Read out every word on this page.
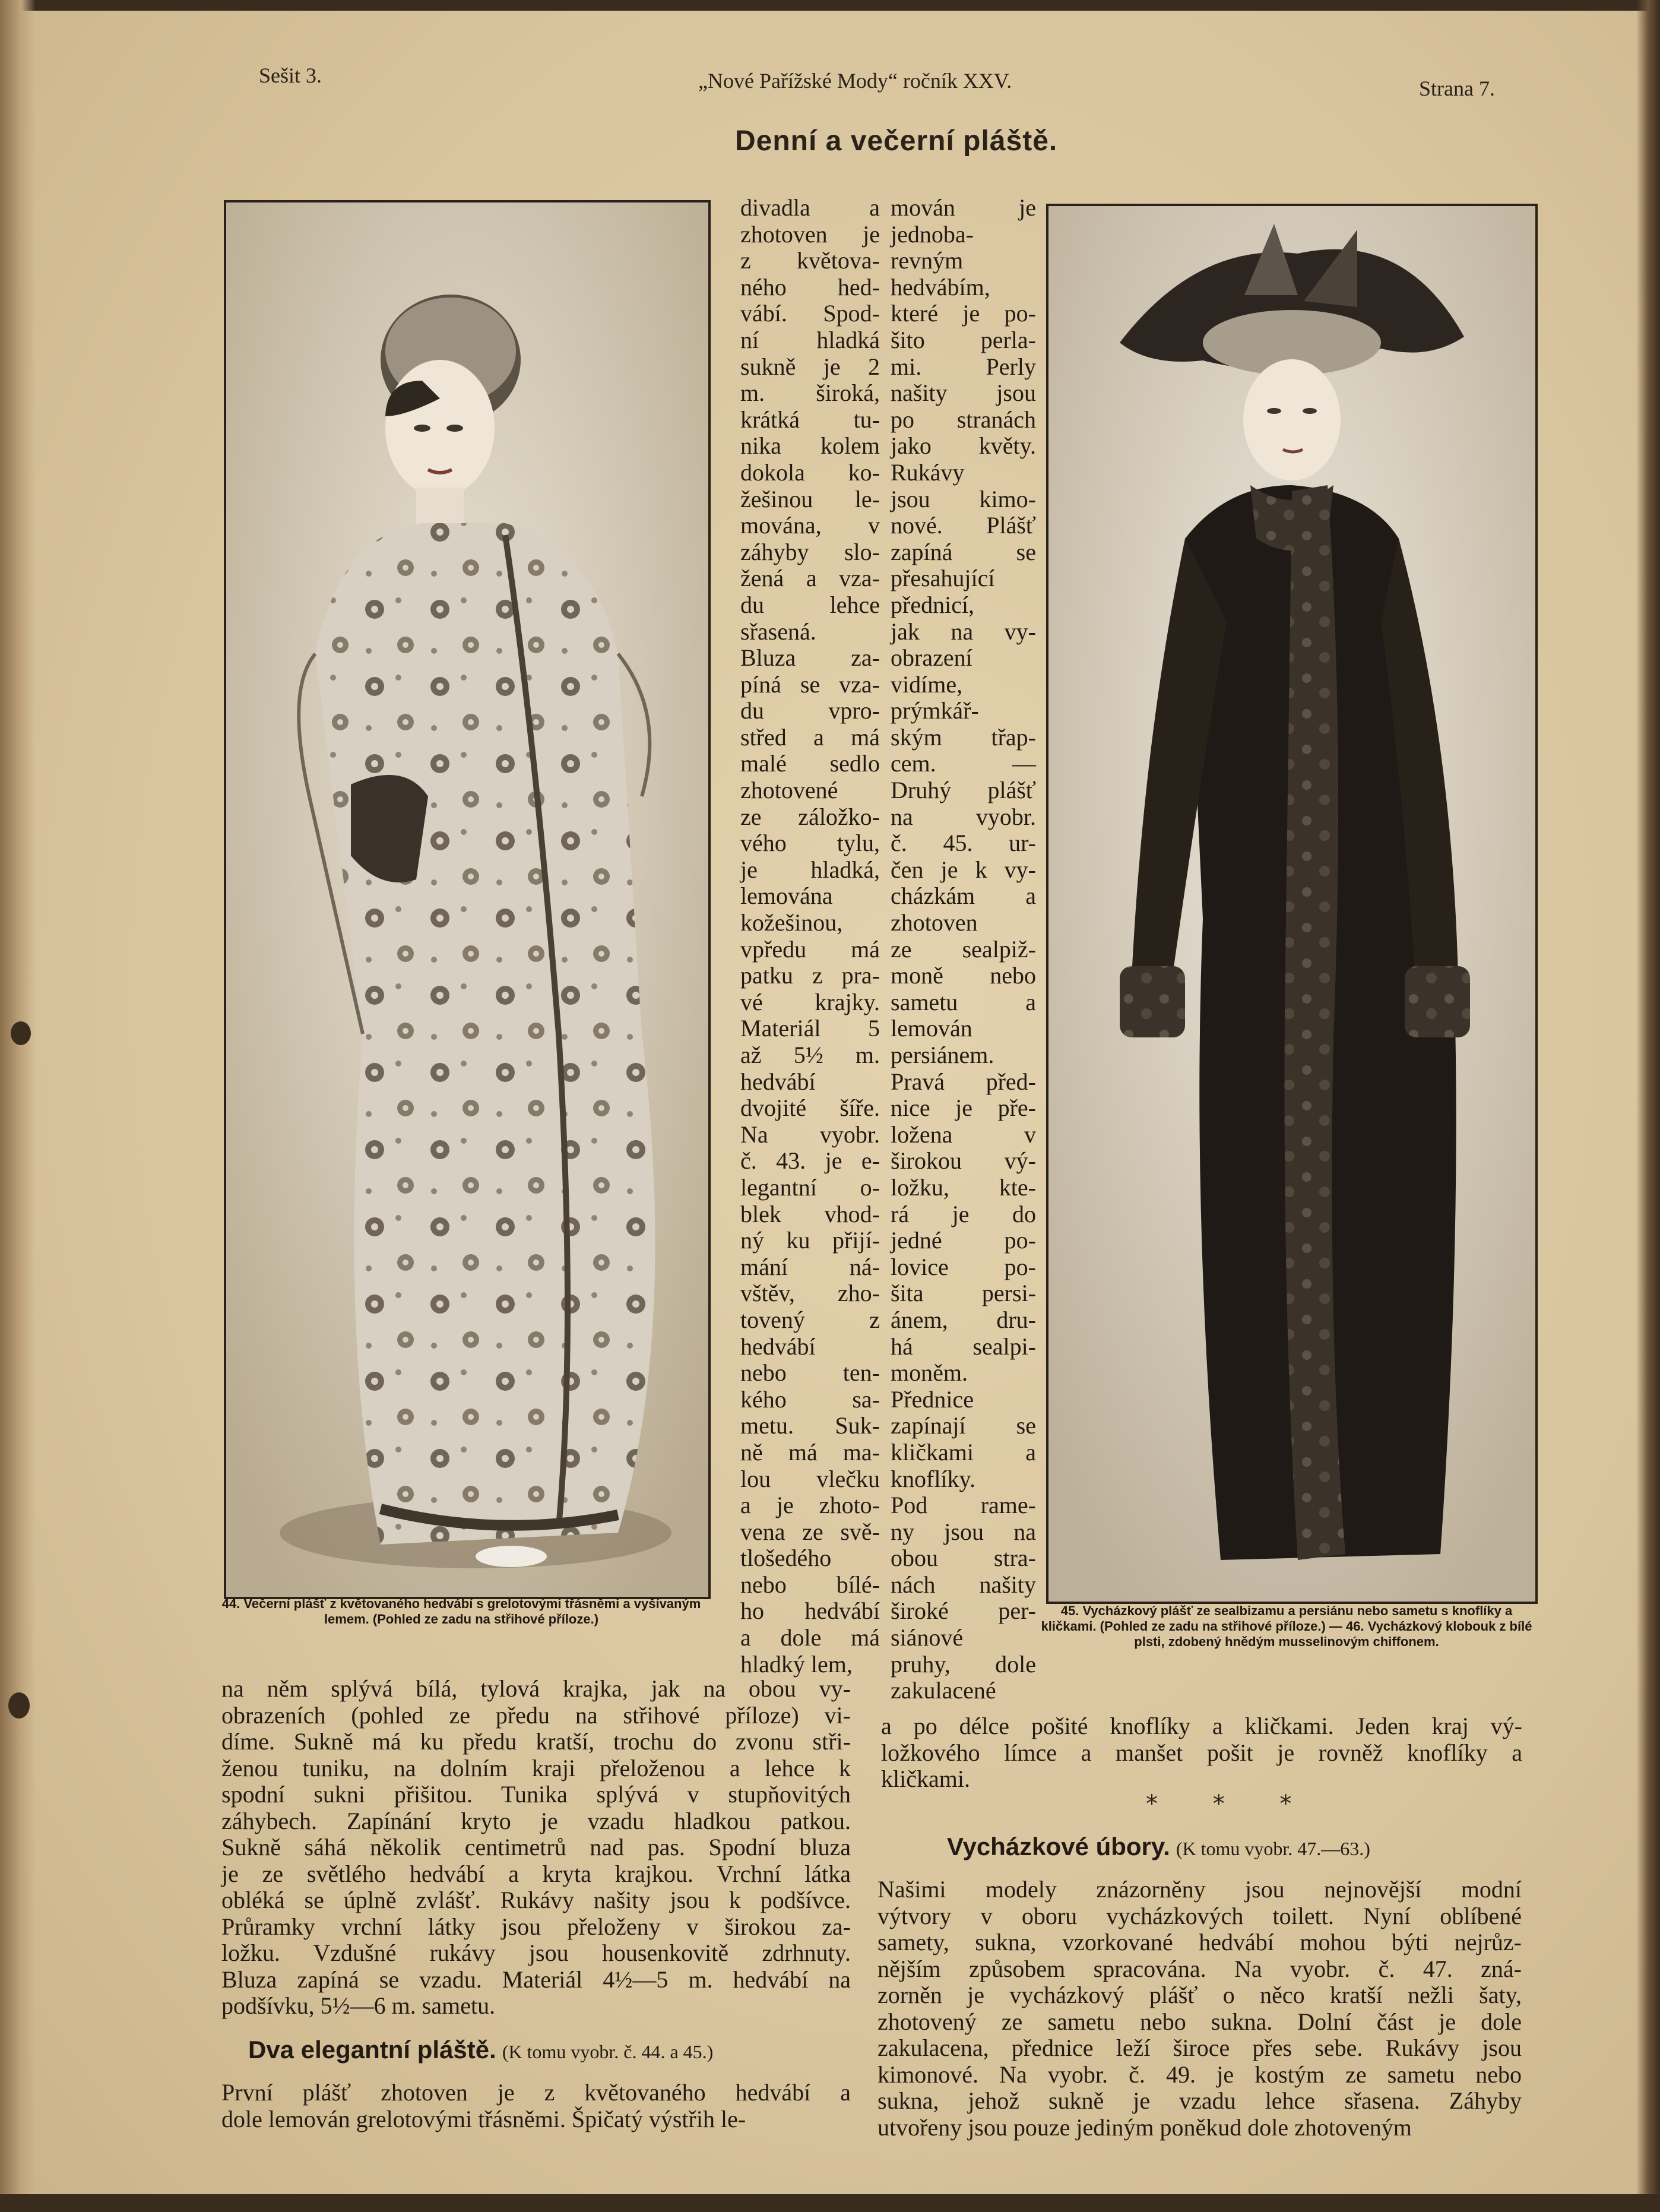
Sešit 3.	„Nové Pařížské Mody“ ročník XXV.	Strana 7.
Denní a večerní pláště.
44. Večerní plášť z květovaného hedvábí s grelotovými třásněmi a vyšívaným lemem. (Pohled ze zadu na střihové příloze.)
45. Vycházkový plášť ze sealbizamu a persiánu nebo sametu s knoflíky a kličkami. (Pohled ze zadu na střihové příloze.) — 46. Vycházkový klobouk z bílé plsti, zdobený hnědým musselinovým chiffonem.

divadla a

zhotoven je

z květova-

ného hed-

vábí. Spod-

ní hladká

sukně je 2

m. široká,

krátká tu-

nika kolem

dokola ko-

žešinou le-

mována, v

záhyby slo-

žená a vza-

du lehce

sřasená.

Bluza za-

píná se vza-

du vpro-

střed a má

malé sedlo

zhotovené

ze záložko-

vého tylu,

je hladká,

lemována

kožešinou,

vpředu má

patku z pra-

vé krajky.

Materiál 5

až 5½ m.

hedvábí

dvojité šíře.

Na vyobr.

č. 43. je e-

legantní o-

blek vhod-

ný ku přijí-

mání ná-

vštěv, zho-

tovený z

hedvábí

nebo ten-

kého sa-

metu. Suk-

ně má ma-

lou vlečku

a je zhoto-

vena ze svě-

tlošedého

nebo bílé-

ho hedvábí

a dole má

hladký lem,

mován je

jednoba-

revným

hedvábím,

které je po-

šito perla-

mi. Perly

našity jsou

po stranách

jako květy.

Rukávy

jsou kimo-

nové. Plášť

zapíná se

přesahující

přednicí,

jak na vy-

obrazení

vidíme,

prýmkář-

ským třap-

cem. —

Druhý plášť

na vyobr.

č. 45. ur-

čen je k vy-

cházkám a

zhotoven

ze sealpiž-

moně nebo

sametu a

lemován

persiánem.

Pravá před-

nice je pře-

ložena v

širokou vý-

ložku, kte-

rá je do

jedné po-

lovice po-

šita persi-

ánem, dru-

há sealpi-

moněm.

Přednice

zapínají se

kličkami a

knoflíky.

Pod rame-

ny jsou na

obou stra-

nách našity

široké per-

siánové

pruhy, dole

zakulacené

na něm splývá bílá, tylová krajka, jak na obou vy-

obrazeních (pohled ze předu na střihové příloze) vi-

díme. Sukně má ku předu kratší, trochu do zvonu stři-

ženou tuniku, na dolním kraji přeloženou a lehce k

spodní sukni přišitou. Tunika splývá v stupňovitých

záhybech. Zapínání kryto je vzadu hladkou patkou.

Sukně sáhá několik centimetrů nad pas. Spodní bluza

je ze světlého hedvábí a kryta krajkou. Vrchní látka

obléká se úplně zvlášť. Rukávy našity jsou k podšívce.

Průramky vrchní látky jsou přeloženy v širokou za-

ložku. Vzdušné rukávy jsou housenkovitě zdrhnuty.

Bluza zapíná se vzadu. Materiál 4½—5 m. hedvábí na

podšívku, 5½—6 m. sametu.

Dva elegantní pláště. (K tomu vyobr. č. 44. a 45.)

První plášť zhotoven je z květovaného hedvábí a

dole lemován grelotovými třásněmi. Špičatý výstřih le-

a po délce pošité knoflíky a kličkami. Jeden kraj vý-

ložkového límce a manšet pošit je rovněž knoflíky a

kličkami.

* * *

Vycházkové úbory. (K tomu vyobr. 47.—63.)

Našimi modely znázorněny jsou nejnovější modní

výtvory v oboru vycházkových toilett. Nyní oblíbené

samety, sukna, vzorkované hedvábí mohou býti nejrůz-

nějším způsobem spracována. Na vyobr. č. 47. zná-

zorněn je vycházkový plášť o něco kratší nežli šaty,

zhotovený ze sametu nebo sukna. Dolní část je dole

zakulacena, přednice leží široce přes sebe. Rukávy jsou

kimonové. Na vyobr. č. 49. je kostým ze sametu nebo

sukna, jehož sukně je vzadu lehce sřasena. Záhyby

utvořeny jsou pouze jediným poněkud dole zhotoveným
